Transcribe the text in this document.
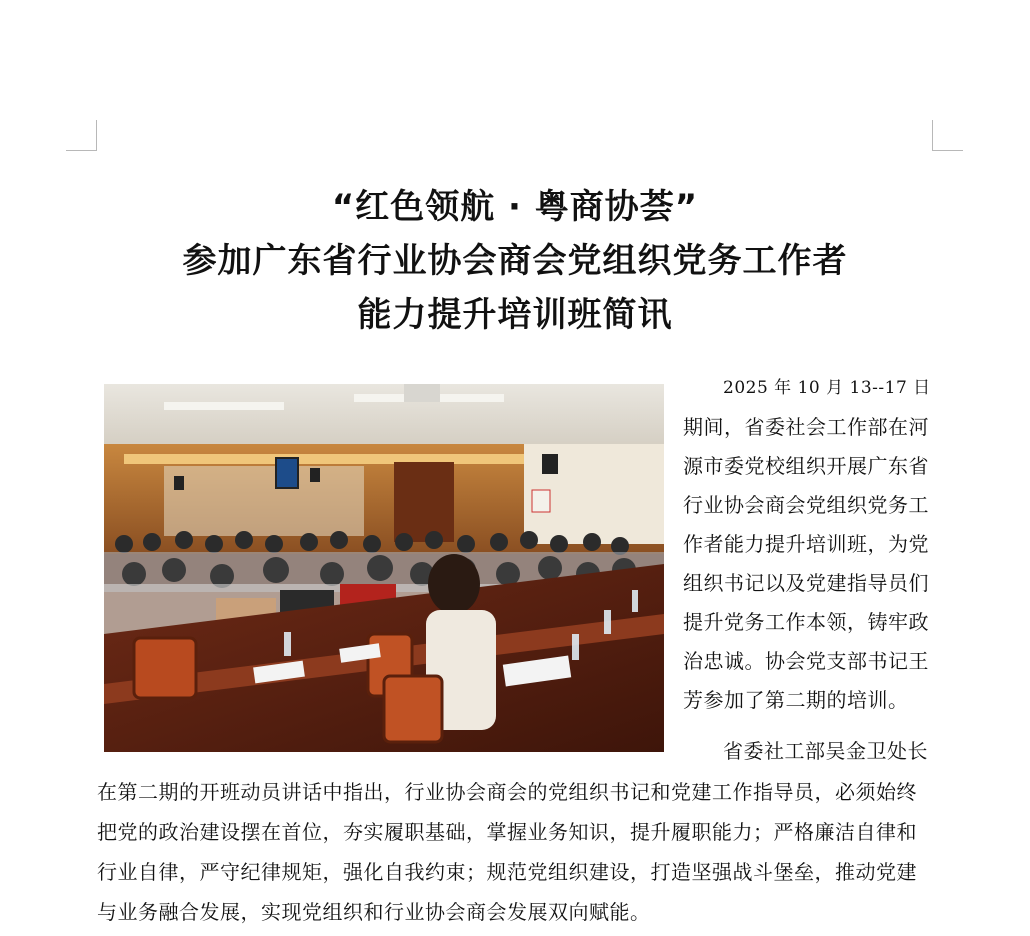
“红色领航 · 粤商协荟”
参加广东省行业协会商会党组织党务工作者
能力提升培训班简讯
2025 年 10 月 13--17 日
期间，省委社会工作部在河
源市委党校组织开展广东省
行业协会商会党组织党务工
作者能力提升培训班，为党
组织书记以及党建指导员们
提升党务工作本领，铸牢政
治忠诚。协会党支部书记王
芳参加了第二期的培训。
省委社工部吴金卫处长
在第二期的开班动员讲话中指出，行业协会商会的党组织书记和党建工作指导员，必须始终
把党的政治建设摆在首位，夯实履职基础，掌握业务知识，提升履职能力；严格廉洁自律和
行业自律，严守纪律规矩，强化自我约束；规范党组织建设，打造坚强战斗堡垒，推动党建
与业务融合发展，实现党组织和行业协会商会发展双向赋能。
